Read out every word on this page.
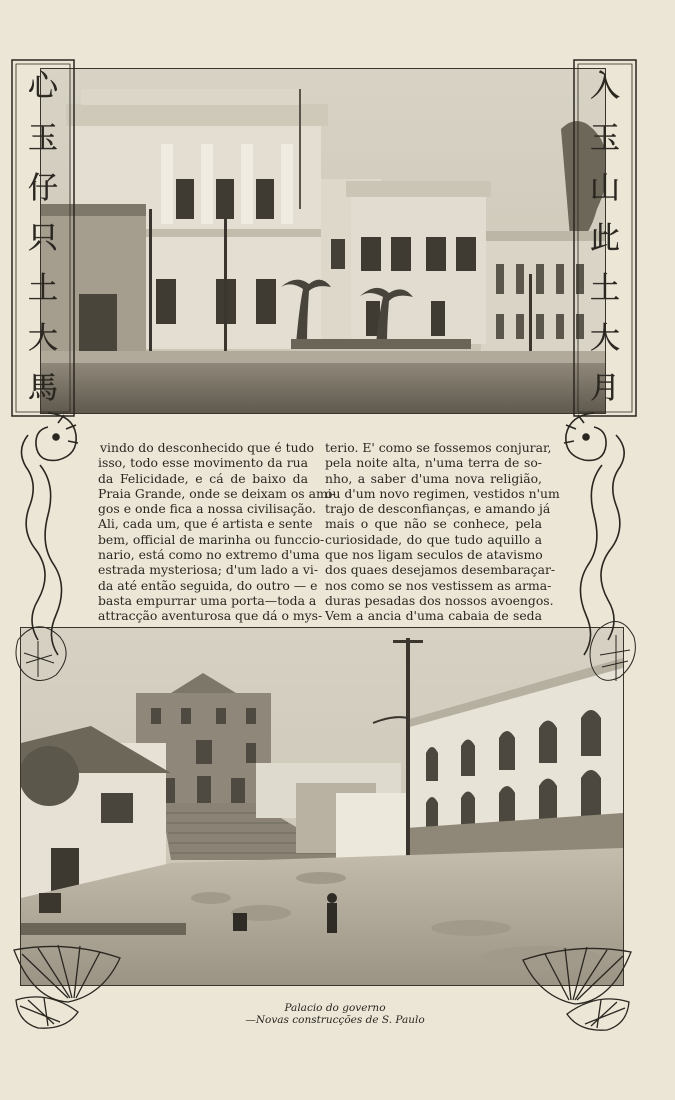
心
玉
仔
只
土
大
馬
入
玉
山
此
土
大
月
vindo do desconhecido que é tudo
isso, todo esse movimento da rua
da Felicidade, e cá de baixo da
Praia Grande, onde se deixam os ami-
gos e onde fica a nossa civilisação.
Ali, cada um, que é artista e sente
bem, official de marinha ou funccio-
nario, está como no extremo d'uma
estrada mysteriosa; d'um lado a vi-
da até então seguida, do outro — e
basta empurrar uma porta—toda a
attracção aventurosa que dá o mys-
terio. E' como se fossemos conjurar,
pela noite alta, n'uma terra de so-
nho, a saber d'uma nova religião,
ou d'um novo regimen, vestidos n'um
trajo de desconfianças, e amando já
mais o que não se conhece, pela
curiosidade, do que tudo aquillo a
que nos ligam seculos de atavismo
dos quaes desejamos desembaraçar-
nos como se nos vestissem as arma-
duras pesadas dos nossos avoengos.
Vem a ancia d'uma cabaia de seda
Palacio do governo
—Novas construcções de S. Paulo
